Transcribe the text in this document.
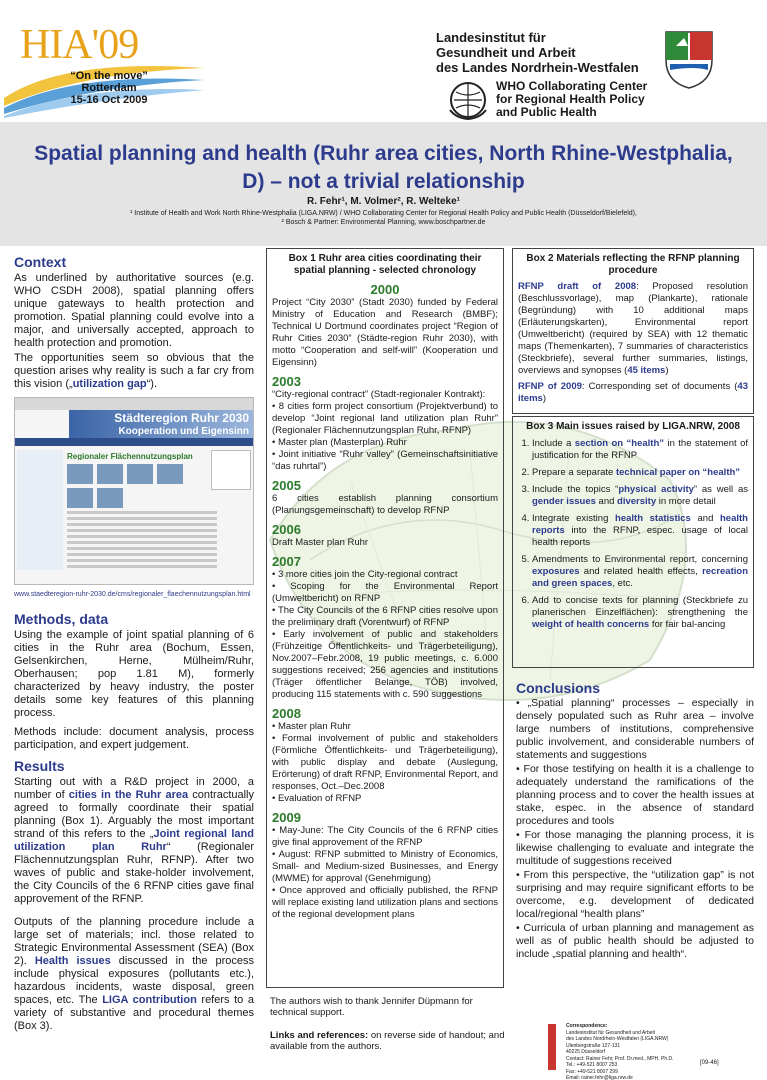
HIA'09
“On the move”
Rotterdam
15-16 Oct 2009
Landesinstitut für
Gesundheit und Arbeit
des Landes Nordrhein-Westfalen
WHO Collaborating Center
for Regional Health Policy
and Public Health
Spatial planning and health (Ruhr area cities, North Rhine-Westphalia, D) – not a trivial relationship
R. Fehr¹, M. Volmer², R. Welteke¹
¹ Institute of Health and Work North Rhine-Westphalia (LIGA.NRW) / WHO Collaborating Center for Regional Health Policy and Public Health (Düsseldorf/Bielefeld),
² Bosch & Partner: Environmental Planning, www.boschpartner.de
Context
As underlined by authoritative sources (e.g. WHO CSDH 2008), spatial planning offers unique gateways to health protection and promotion. Spatial planning could evolve into a major, and universally accepted, approach to health protection and promotion.
The opportunities seem so obvious that the question arises why reality is such a far cry from this vision („utilization gap“).
Städteregion Ruhr 2030
Kooperation und Eigensinn
Regionaler Flächennutzungsplan
www.staedteregion-ruhr-2030.de/cms/regionaler_flaechennutzungsplan.html
Methods, data
Using the example of joint spatial planning of 6 cities in the Ruhr area (Bochum, Essen, Gelsenkirchen, Herne, Mülheim/Ruhr, Oberhausen; pop 1.81 M), formerly characterized by heavy industry, the poster details some key features of this planning process.
Methods include: document analysis, process participation, and expert judgement.
Results
Starting out with a R&D project in 2000, a number of cities in the Ruhr area contractually agreed to formally coordinate their spatial planning (Box 1). Arguably the most important strand of this refers to the „Joint regional land utilization plan Ruhr“ (Regionaler Flächennutzungsplan Ruhr, RFNP). After two waves of public and stake-holder involvement, the City Councils of the 6 RFNP cities gave final approvement of the RFNP.
Outputs of the planning procedure include a large set of materials; incl. those related to Strategic Environmental Assessment (SEA) (Box 2). Health issues discussed in the process include physical exposures (pollutants etc.), hazardous incidents, waste disposal, green spaces, etc. The LIGA contribution refers to a variety of substantive and procedural themes (Box 3).
Box 1 Ruhr area cities coordinating their spatial planning - selected chronology
2000
Project “City 2030” (Stadt 2030) funded by Federal Ministry of Education and Research (BMBF); Technical U Dortmund coordinates project “Region of Ruhr Cities 2030” (Städte-region Ruhr 2030), with motto “Cooperation and self-will” (Kooperation und Eigensinn)
2003
“City-regional contract” (Stadt-regionaler Kontrakt):
• 8 cities form project consortium (Projektverbund) to develop “Joint regional land utilization plan Ruhr” (Regionaler Flächennutzungsplan Ruhr, RFNP)
• Master plan (Masterplan) Ruhr
• Joint initiative “Ruhr valley” (Gemeinschaftsinitiative “das ruhrtal”)
2005
6 cities establish planning consortium (Planungsgemeinschaft) to develop RFNP
2006
Draft Master plan Ruhr
2007
• 3 more cities join the City-regional contract
• Scoping for the Environmental Report (Umweltbericht) on RFNP
• The City Councils of the 6 RFNP cities resolve upon the preliminary draft (Vorentwurf) of RFNP
• Early involvement of public and stakeholders (Frühzeitige Öffentlichkeits- und Trägerbeteiligung), Nov.2007–Febr.2008, 19 public meetings, c. 6.000 suggestions received; 256 agencies and institutions (Träger öffentlicher Belange, TÖB) involved, producing 115 statements with c. 590 suggestions
2008
• Master plan Ruhr
• Formal involvement of public and stakeholders (Förmliche Öffentlichkeits- und Trägerbeteiligung), with public display and debate (Auslegung, Erörterung) of draft RFNP, Environmental Report, and responses, Oct.–Dec.2008
• Evaluation of RFNP
2009
• May-June: The City Councils of the 6 RFNP cities give final approvement of the RFNP
• August: RFNP submitted to Ministry of Economics, Small- and Medium-sized Businesses, and Energy (MWME) for approval (Genehmigung)
• Once approved and officially published, the RFNP will replace existing land utilization plans and sections of the regional development plans
The authors wish to thank Jennifer Düpmann for technical support.
Links and references: on reverse side of handout; and available from the authors.
Box 2 Materials reflecting the RFNP planning procedure
RFNP draft of 2008: Proposed resolution (Beschlussvorlage), map (Plankarte), rationale (Begründung) with 10 additional maps (Erläuterungskarten), Environmental report (Umweltbericht) (required by SEA) with 12 thematic maps (Themenkarten), 7 summaries of characteristics (Steckbriefe), several further summaries, listings, overviews and synopses (45 items)
RFNP of 2009: Corresponding set of documents (43 items)
Box 3 Main issues raised by LIGA.NRW, 2008
1. Include a section on “health” in the statement of justification for the RFNP
2. Prepare a separate technical paper on “health”
3. Include the topics “physical activity” as well as gender issues and diversity in more detail
4. Integrate existing health statistics and health reports into the RFNP, espec. usage of local health reports
5. Amendments to Environmental report, concerning exposures and related health effects, recreation and green spaces, etc.
6. Add to concise texts for planning (Steckbriefe zu planerischen Einzelflächen): strengthening the weight of health concerns for fair bal-ancing
Conclusions
• „Spatial planning“ processes – especially in densely populated such as Ruhr area – involve large numbers of institutions, comprehensive public involvement, and considerable numbers of statements and suggestions
• For those testifying on health it is a challenge to adequately understand the ramifications of the planning process and to cover the health issues at stake, espec. in the absence of standard procedures and tools
• For those managing the planning process, it is likewise challenging to evaluate and integrate the multitude of suggestions received
• From this perspective, the “utilization gap” is not surprising and may require significant efforts to be overcome, e.g. development of dedicated local/regional “health plans”
• Curricula of urban planning and management as well as of public health should be adjusted to include „spatial planning and health“.
Correspondence:
Landesinstitut für Gesundheit und Arbeit
des Landes Nordrhein-Westfalen (LIGA.NRW)
Ulenbergstraße 127-131
40225 Düsseldorf
Contact: Rainer Fehr, Prof. Dr.med., MPH, Ph.D.
Tel.: +49-521 8007 253
Fax: +49-521 8007 299
Email: rainer.fehr@liga.nrw.de
[09-46]
